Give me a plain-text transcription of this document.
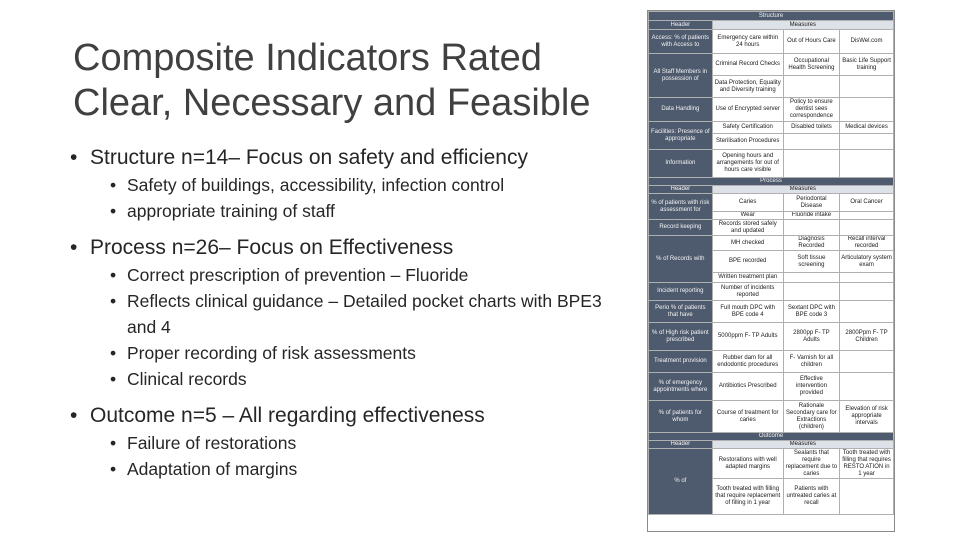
Composite Indicators Rated
Clear, Necessary and Feasible
• Structure n=14– Focus on safety and efficiency
• Safety of buildings, accessibility, infection control
• appropriate training of staff
• Process n=26– Focus on Effectiveness
• Correct prescription of prevention – Fluoride
• Reflects clinical guidance – Detailed pocket charts with BPE3 and 4
• Proper recording of risk assessments
• Clinical records
• Outcome n=5 – All regarding effectiveness
• Failure of restorations
• Adaptation of margins
Structure			
Header	Measures		
Access: % of patients with Access to	Emergency care within 24 hours	Out of Hours Care	DisWel.com
All Staff Members in possession of	Criminal Record Checks	Occupational Health Screening	Basic Life Support training
	Data Protection, Equality and Diversity training		
Data Handling	Use of Encrypted server	Policy to ensure dentist sees correspondence	
Facilities: Presence of appropriate	Safety Certification	Disabled toilets	Medical devices
	Sterilisation Procedures		
Information	Opening hours and arrangements for out of hours care visible		
Process			
Header	Measures		
% of patients with risk assessment for	Caries	Periodontal Disease	Oral Cancer
	Wear	Fluoride intake	
Record keeping	Records stored safely and updated		
% of Records with	MH checked	Diagnosis Recorded	Recall interval recorded
	BPE recorded	Soft tissue screening	Articulatory system exam
	Written treatment plan		
Incident reporting	Number of incidents reported		
Perio % of patients that have	Full mouth DPC with BPE code 4	Sextant DPC with BPE code 3	
% of High risk patient prescribed	5000ppm F- TP Adults	2800pp F- TP Adults	2800Ppm F- TP Children
Treatment provision	Rubber dam for all endodontic procedures	F- Varnish for all children	
% of emergency appointments where	Antibiotics Prescribed	Effective intervention provided	
% of patients for whom	Course of treatment for caries	Rationale Secondary care for Extractions (children)	Elevation of risk appropriate intervals
Outcome			
Header	Measures		
% of	Restorations with well adapted margins	Sealants that require replacement due to caries	Tooth treated with filling that requires RESTO ATION in 1 year
	Tooth treated with filling that require replacement of filling in 1 year	Patients with untreated caries at recall	
